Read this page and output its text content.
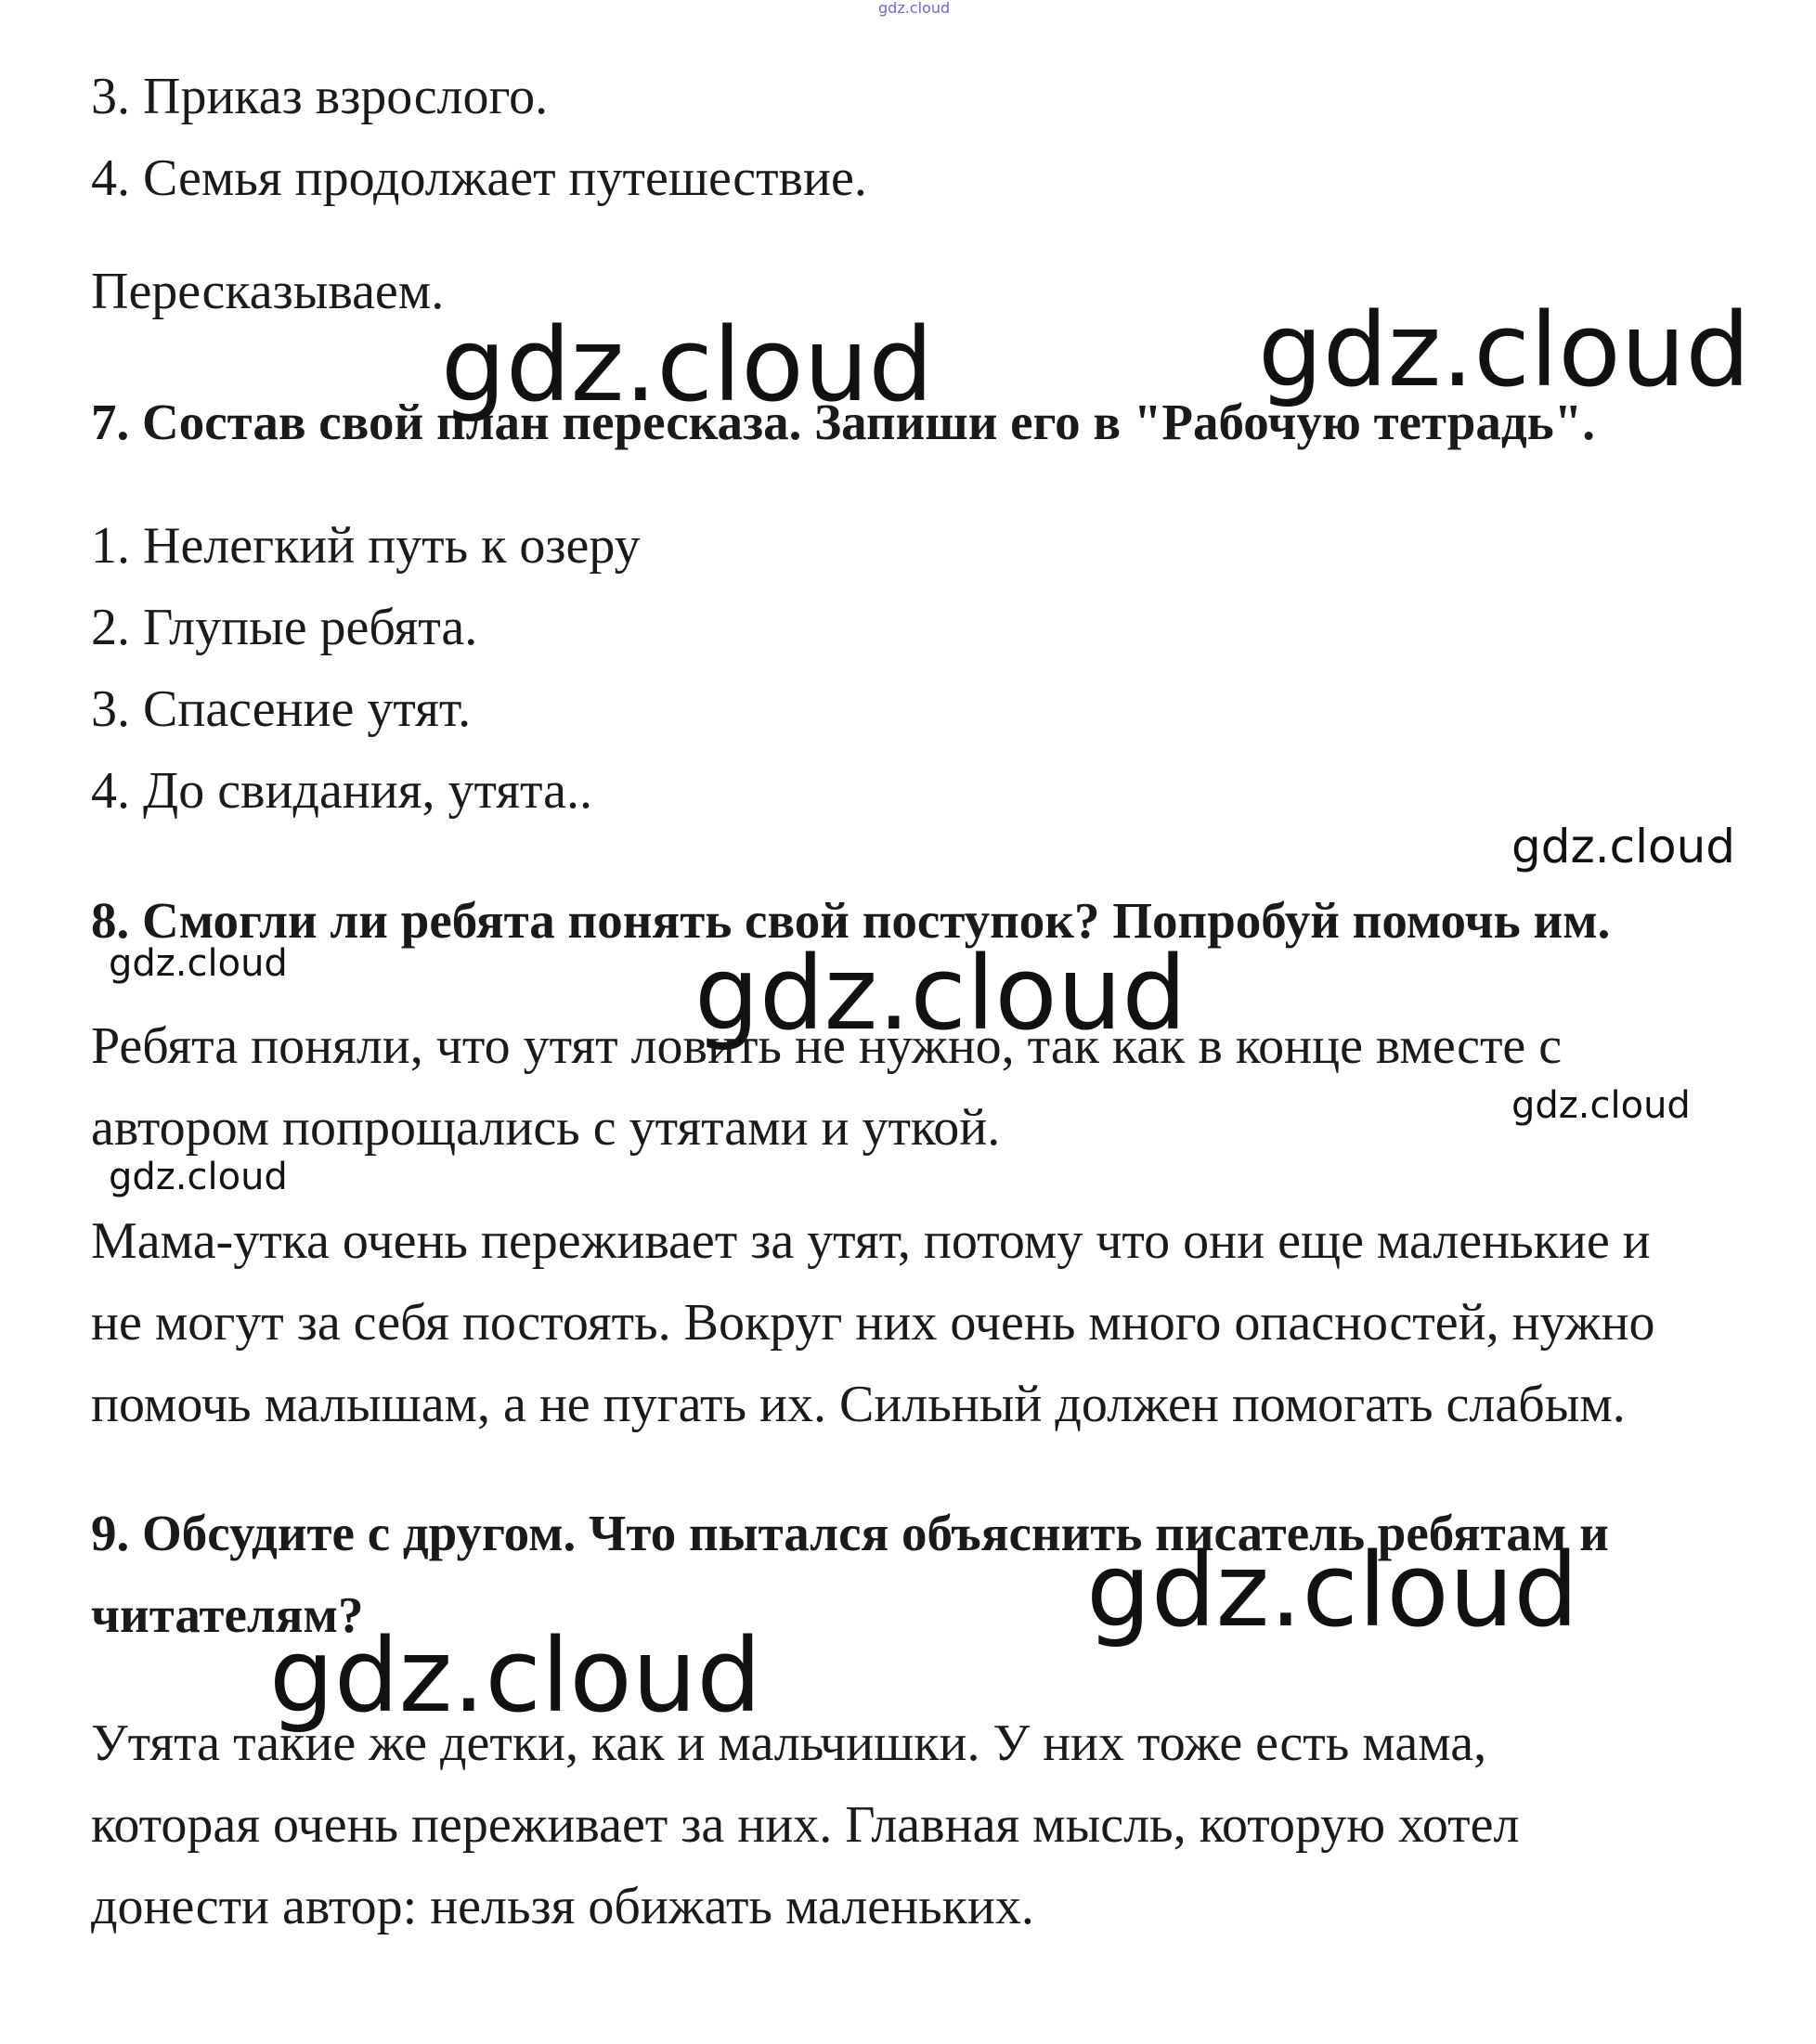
gdz.cloud

3. Приказ взрослого.

4. Семья продолжает путешествие.

Пересказываем.

7. Состав свой план пересказа. Запиши его в "Рабочую тетрадь".

1. Нелегкий путь к озеру

2. Глупые ребята.

3. Спасение утят.

4. До свидания, утята..

8. Смогли ли ребята понять свой поступок? Попробуй помочь им.

Ребята поняли, что утят ловить не нужно, так как в конце вместе с

автором попрощались с утятами и уткой.

Мама-утка очень переживает за утят, потому что они еще маленькие и

не могут за себя постоять. Вокруг них очень много опасностей, нужно

помочь малышам, а не пугать их. Сильный должен помогать слабым.

9. Обсудите с другом. Что пытался объяснить писатель ребятам и

читателям?

Утята такие же детки, как и мальчишки. У них тоже есть мама,

которая очень переживает за них. Главная мысль, которую хотел

донести автор: нельзя обижать маленьких.

gdz.cloud	gdz.cloud
gdz.cloud
gdz.cloud	gdz.cloud
gdz.cloud
gdz.cloud
gdz.cloud
gdz.cloud
